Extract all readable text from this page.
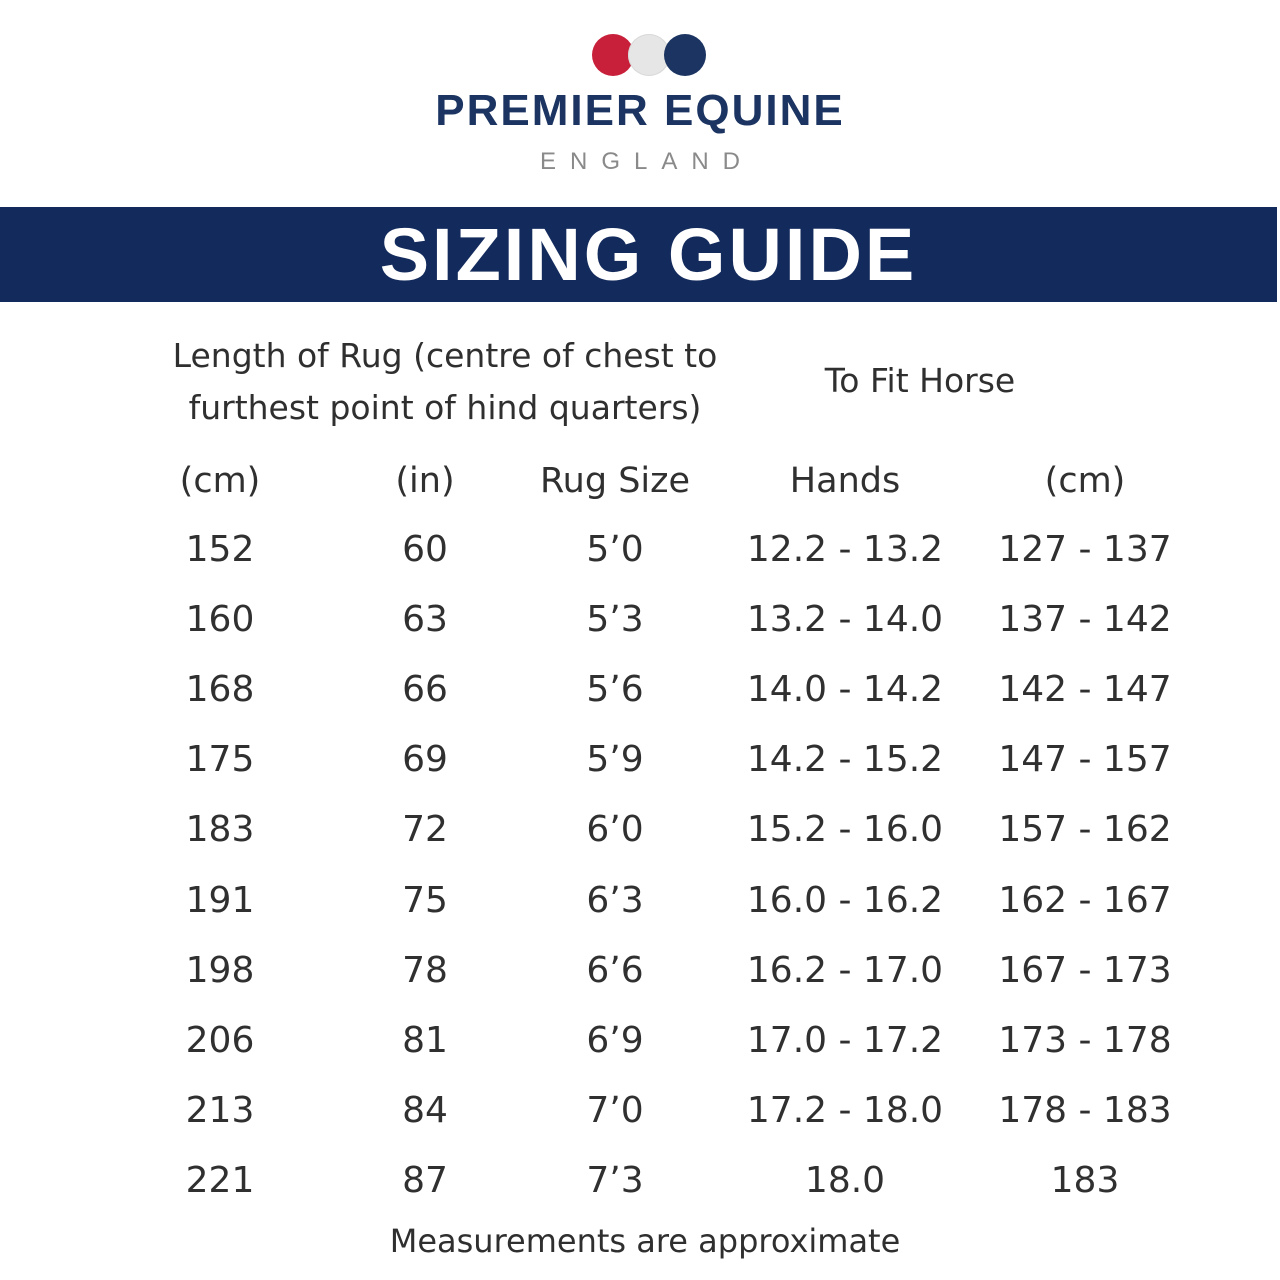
PREMIER EQUINE
ENGLAND
SIZING GUIDE
Length of Rug (centre of chest to
furthest point of hind quarters)
To Fit Horse
(cm)	(in)	Rug Size	Hands	(cm)
152	60	5’0	12.2 - 13.2	127 - 137
160	63	5’3	13.2 - 14.0	137 - 142
168	66	5’6	14.0 - 14.2	142 - 147
175	69	5’9	14.2 - 15.2	147 - 157
183	72	6’0	15.2 - 16.0	157 - 162
191	75	6’3	16.0 - 16.2	162 - 167
198	78	6’6	16.2 - 17.0	167 - 173
206	81	6’9	17.0 - 17.2	173 - 178
213	84	7’0	17.2 - 18.0	178 - 183
221	87	7’3	18.0	183
Measurements are approximate
